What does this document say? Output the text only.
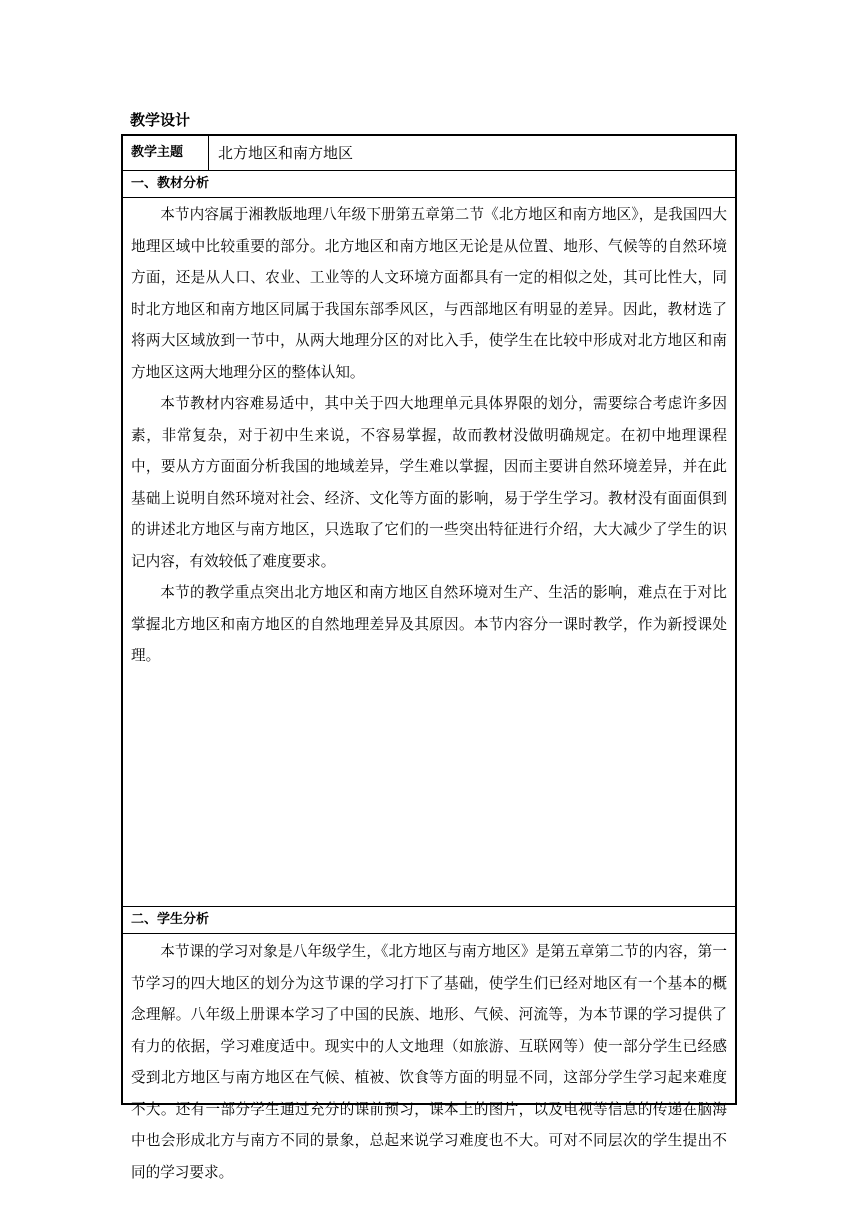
教学设计
教学主题	北方地区和南方地区
一、教材分析

本节内容属于湘教版地理八年级下册第五章第二节《北方地区和南方地区》，是我国四大地理区域中比较重要的部分。北方地区和南方地区无论是从位置、地形、气候等的自然环境方面，还是从人口、农业、工业等的人文环境方面都具有一定的相似之处，其可比性大，同时北方地区和南方地区同属于我国东部季风区，与西部地区有明显的差异。因此，教材选了将两大区域放到一节中，从两大地理分区的对比入手，使学生在比较中形成对北方地区和南方地区这两大地理分区的整体认知。

本节教材内容难易适中，其中关于四大地理单元具体界限的划分，需要综合考虑许多因素，非常复杂，对于初中生来说，不容易掌握，故而教材没做明确规定。在初中地理课程中，要从方方面面分析我国的地域差异，学生难以掌握，因而主要讲自然环境差异，并在此基础上说明自然环境对社会、经济、文化等方面的影响，易于学生学习。教材没有面面俱到的讲述北方地区与南方地区，只选取了它们的一些突出特征进行介绍，大大减少了学生的识记内容，有效较低了难度要求。

本节的教学重点突出北方地区和南方地区自然环境对生产、生活的影响，难点在于对比掌握北方地区和南方地区的自然地理差异及其原因。本节内容分一课时教学，作为新授课处理。

二、学生分析

本节课的学习对象是八年级学生，《北方地区与南方地区》是第五章第二节的内容，第一节学习的四大地区的划分为这节课的学习打下了基础，使学生们已经对地区有一个基本的概念理解。八年级上册课本学习了中国的民族、地形、气候、河流等，为本节课的学习提供了有力的依据，学习难度适中。现实中的人文地理（如旅游、互联网等）使一部分学生已经感受到北方地区与南方地区在气候、植被、饮食等方面的明显不同，这部分学生学习起来难度不大。还有一部分学生通过充分的课前预习，课本上的图片，以及电视等信息的传递在脑海中也会形成北方与南方不同的景象，总起来说学习难度也不大。可对不同层次的学生提出不同的学习要求。
